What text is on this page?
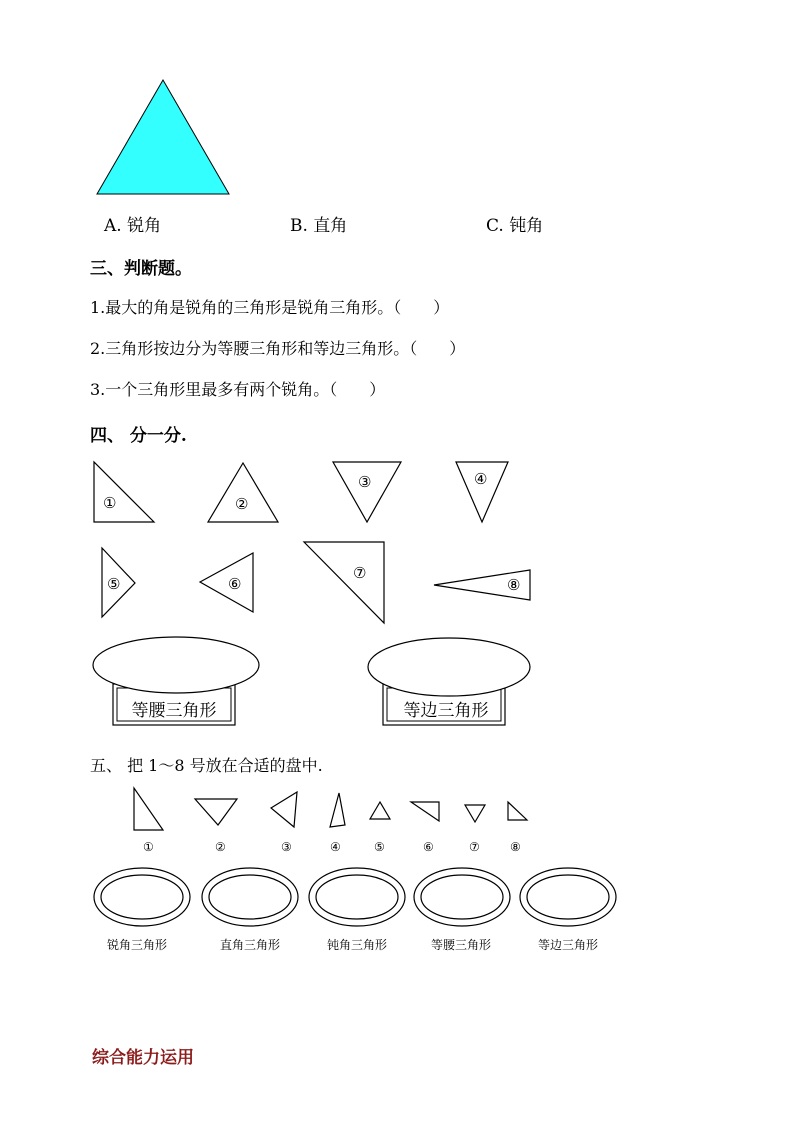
A. 锐角	B. 直角	C. 钝角
三、判断题。
1.最大的角是锐角的三角形是锐角三角形。（　　）
2.三角形按边分为等腰三角形和等边三角形。（　　）
3.一个三角形里最多有两个锐角。（　　）
四、 分一分.
①	②
③	④
⑤	⑥
⑦
⑧
等腰三角形	等边三角形
五、 把 1～8 号放在合适的盘中.
①	②	③	④	⑤	⑥	⑦	⑧
锐角三角形	直角三角形	钝角三角形	等腰三角形	等边三角形
综合能力运用
